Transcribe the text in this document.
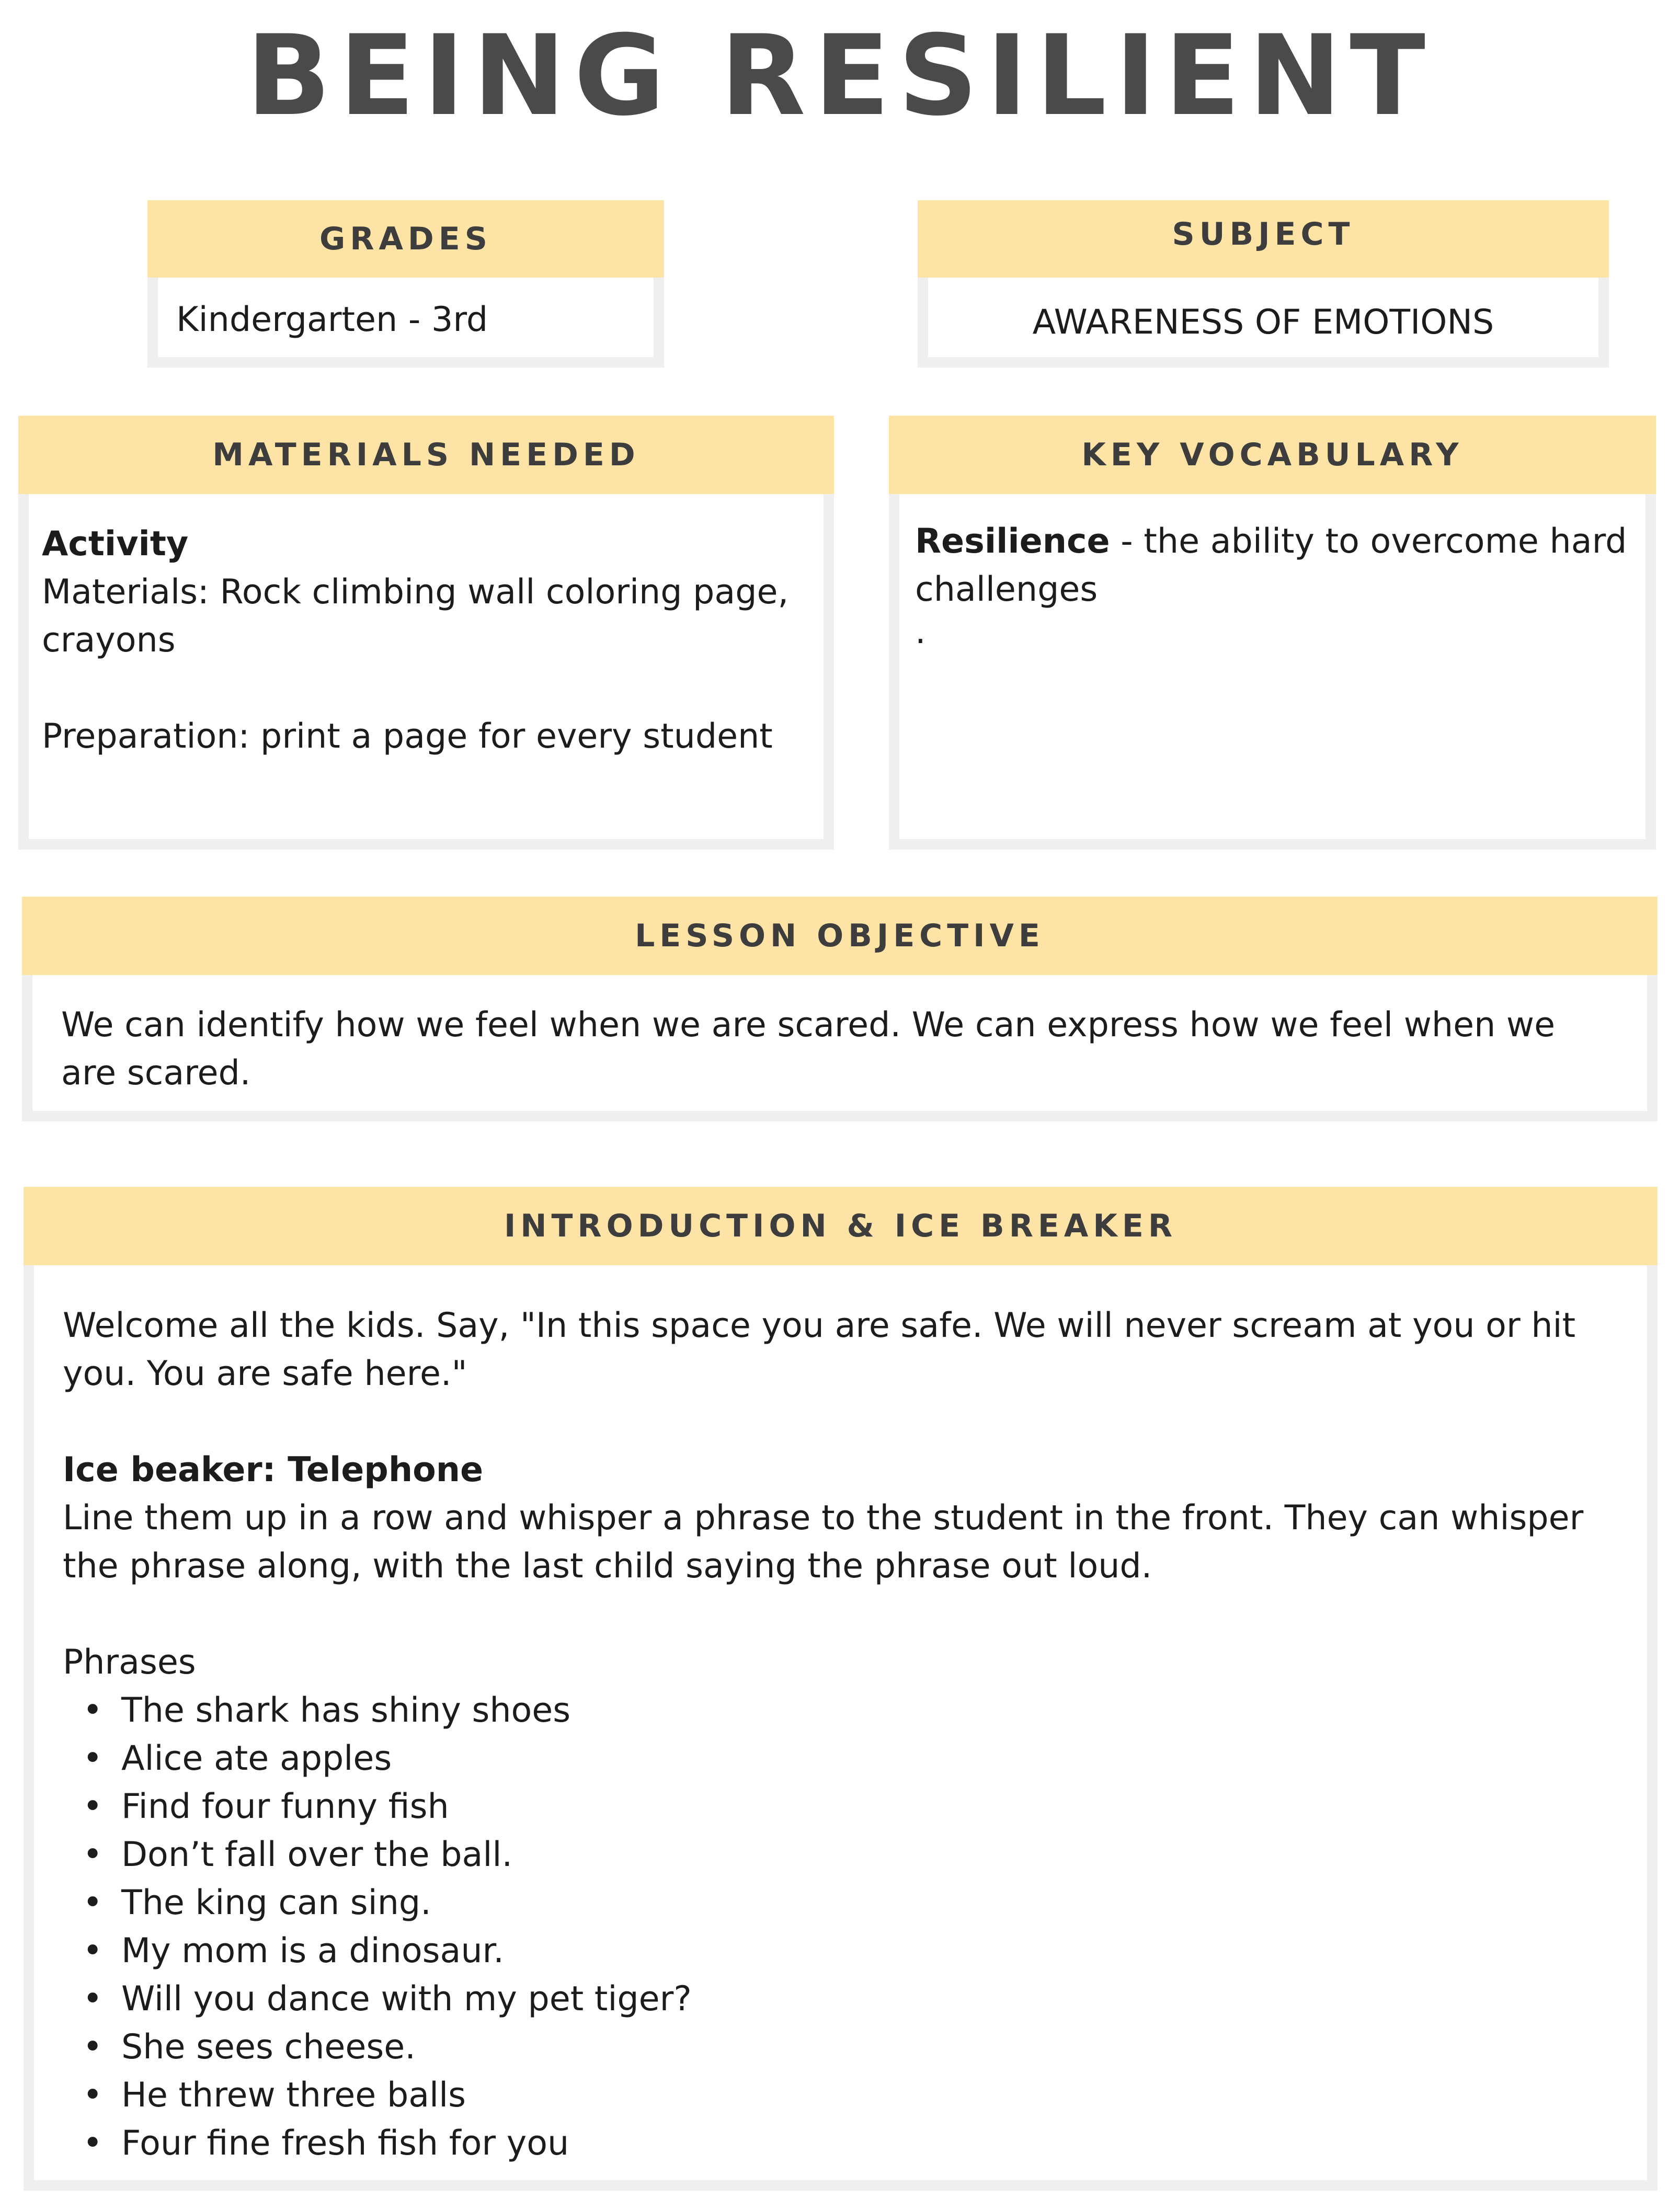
BEING RESILIENT
GRADES
Kindergarten - 3rd
SUBJECT
AWARENESS OF EMOTIONS
MATERIALS NEEDED
Activity
Materials: Rock climbing wall coloring page, crayons
Preparation: print a page for every student
KEY VOCABULARY
Resilience - the ability to overcome hard challenges
.
LESSON OBJECTIVE
We can identify how we feel when we are scared. We can express how we feel when we are scared.
INTRODUCTION & ICE BREAKER
Welcome all the kids. Say, "In this space you are safe. We will never scream at you or hit you. You are safe here."
Ice beaker: Telephone
Line them up in a row and whisper a phrase to the student in the front. They can whisper the phrase along, with the last child saying the phrase out loud.
Phrases
• The shark has shiny shoes
• Alice ate apples
• Find four funny fish
• Don’t fall over the ball.
• The king can sing.
• My mom is a dinosaur.
• Will you dance with my pet tiger?
• She sees cheese.
• He threw three balls
• Four fine fresh fish for you
